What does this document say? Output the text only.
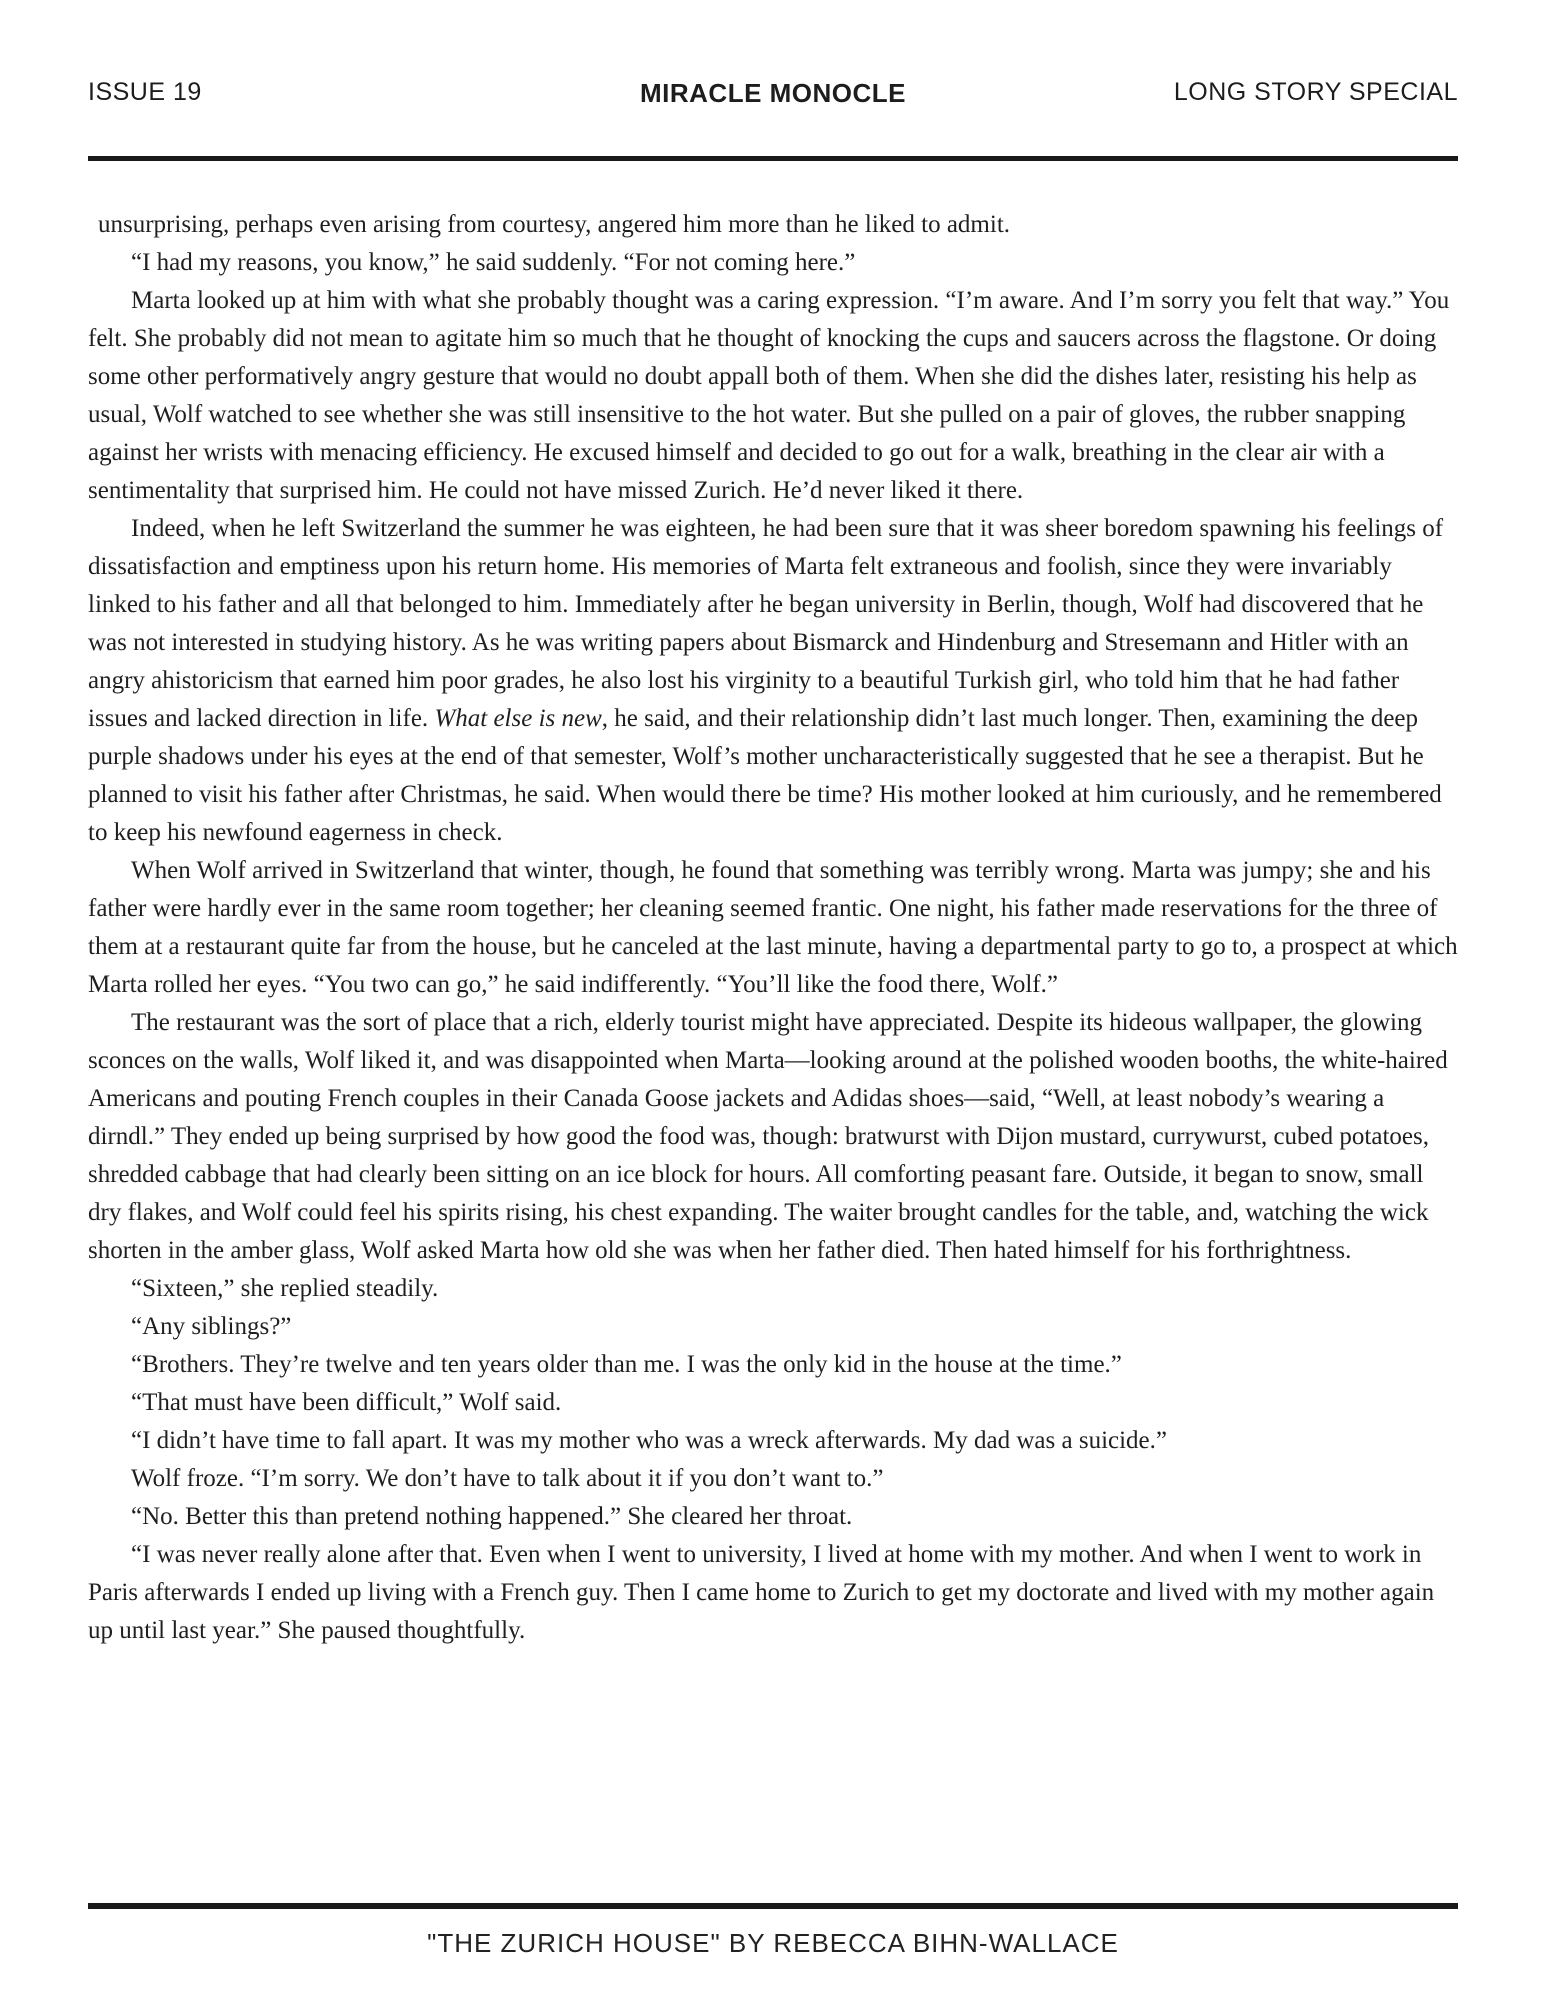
ISSUE 19	MIRACLE MONOCLE	LONG STORY SPECIAL

unsurprising, perhaps even arising from courtesy, angered him more than he liked to admit.

“I had my reasons, you know,” he said suddenly. “For not coming here.”

Marta looked up at him with what she probably thought was a caring expression. “I’m aware. And I’m sorry you felt that way.” You felt. She probably did not mean to agitate him so much that he thought of knocking the cups and saucers across the flagstone. Or doing some other performatively angry gesture that would no doubt appall both of them. When she did the dishes later, resisting his help as usual, Wolf watched to see whether she was still insensitive to the hot water. But she pulled on a pair of gloves, the rubber snapping against her wrists with menacing efficiency. He excused himself and decided to go out for a walk, breathing in the clear air with a sentimentality that surprised him. He could not have missed Zurich. He’d never liked it there.

Indeed, when he left Switzerland the summer he was eighteen, he had been sure that it was sheer boredom spawning his feelings of dissatisfaction and emptiness upon his return home. His memories of Marta felt extraneous and foolish, since they were invariably linked to his father and all that belonged to him. Immediately after he began university in Berlin, though, Wolf had discovered that he was not interested in studying history. As he was writing papers about Bismarck and Hindenburg and Stresemann and Hitler with an angry ahistoricism that earned him poor grades, he also lost his virginity to a beautiful Turkish girl, who told him that he had father issues and lacked direction in life. What else is new, he said, and their relationship didn’t last much longer. Then, examining the deep purple shadows under his eyes at the end of that semester, Wolf’s mother uncharacteristically suggested that he see a therapist. But he planned to visit his father after Christmas, he said. When would there be time? His mother looked at him curiously, and he remembered to keep his newfound eagerness in check.

When Wolf arrived in Switzerland that winter, though, he found that something was terribly wrong. Marta was jumpy; she and his father were hardly ever in the same room together; her cleaning seemed frantic. One night, his father made reservations for the three of them at a restaurant quite far from the house, but he canceled at the last minute, having a departmental party to go to, a prospect at which Marta rolled her eyes. “You two can go,” he said indifferently. “You’ll like the food there, Wolf.”

The restaurant was the sort of place that a rich, elderly tourist might have appreciated. Despite its hideous wallpaper, the glowing sconces on the walls, Wolf liked it, and was disappointed when Marta—looking around at the polished wooden booths, the white-haired Americans and pouting French couples in their Canada Goose jackets and Adidas shoes—said, “Well, at least nobody’s wearing a dirndl.” They ended up being surprised by how good the food was, though: bratwurst with Dijon mustard, currywurst, cubed potatoes, shredded cabbage that had clearly been sitting on an ice block for hours. All comforting peasant fare. Outside, it began to snow, small dry flakes, and Wolf could feel his spirits rising, his chest expanding. The waiter brought candles for the table, and, watching the wick shorten in the amber glass, Wolf asked Marta how old she was when her father died. Then hated himself for his forthrightness.

“Sixteen,” she replied steadily.

“Any siblings?”

“Brothers. They’re twelve and ten years older than me. I was the only kid in the house at the time.”

“That must have been difficult,” Wolf said.

“I didn’t have time to fall apart. It was my mother who was a wreck afterwards. My dad was a suicide.”

Wolf froze. “I’m sorry. We don’t have to talk about it if you don’t want to.”

“No. Better this than pretend nothing happened.” She cleared her throat.

“I was never really alone after that. Even when I went to university, I lived at home with my mother. And when I went to work in Paris afterwards I ended up living with a French guy. Then I came home to Zurich to get my doctorate and lived with my mother again up until last year.” She paused thoughtfully.

"THE ZURICH HOUSE" BY REBECCA BIHN-WALLACE
